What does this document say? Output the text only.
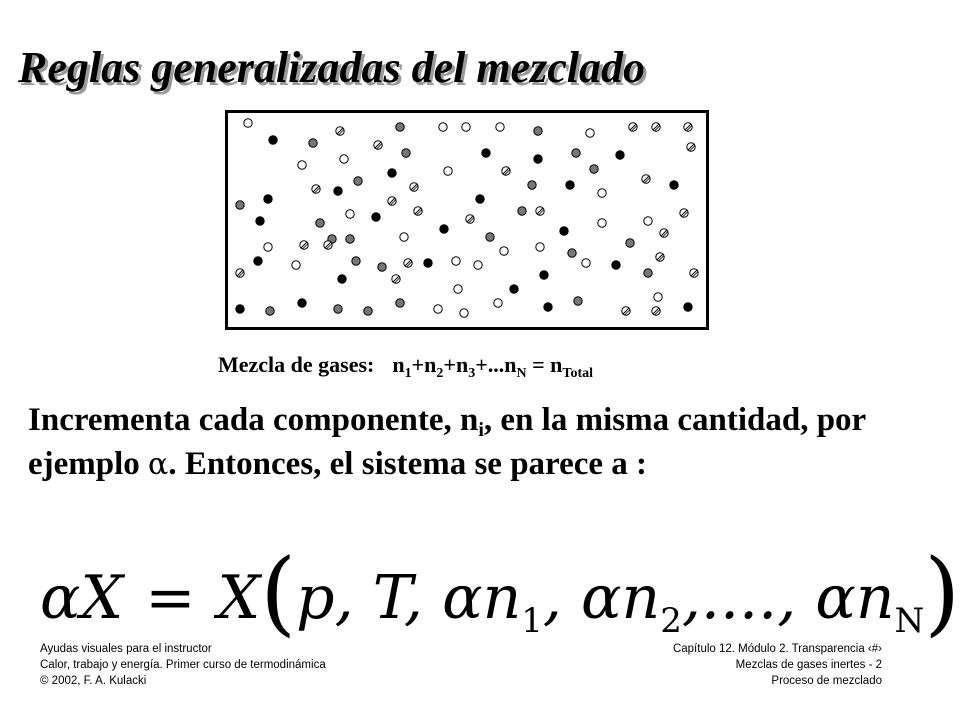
Reglas generalizadas del mezclado
Mezcla de gases: $n_1+n_2+n_3+...n_N = n_{Total}$
Incrementa cada componente, $n_i$, en la misma cantidad, por ejemplo α. Entonces, el sistema se parece a :
αX = X(p, T, $\alpha n_1$, $\alpha n_2$,...., $\alpha n_N$)
Ayudas visuales para el instructor
Calor, trabajo y energía. Primer curso de termodinámica
© 2002, F. A. Kulacki
Capítulo 12. Módulo 2. Transparencia ‹#›
Mezclas de gases inertes - 2
Proceso de mezclado
